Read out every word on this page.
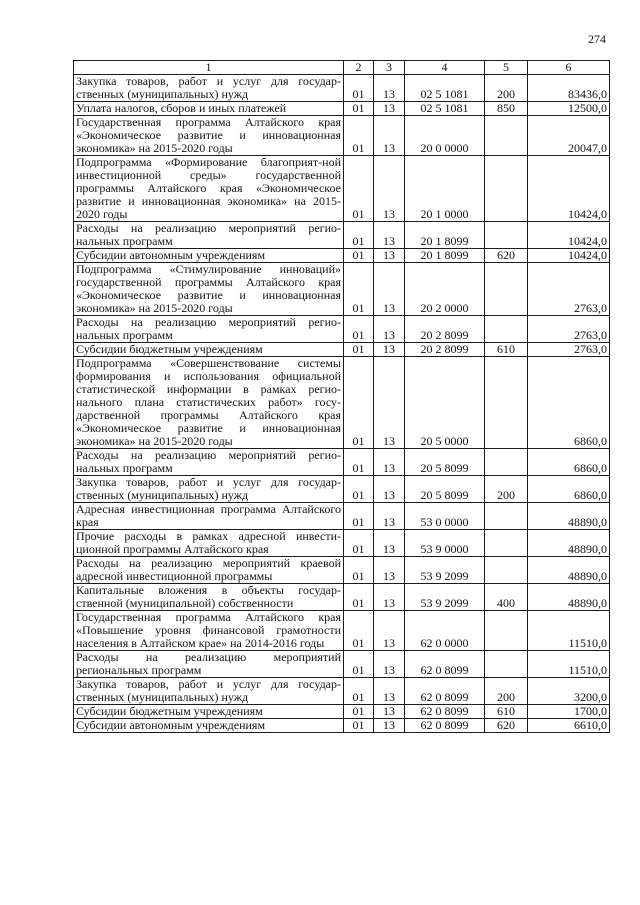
274
1	2	3	4	5	6
Закупка товаров, работ и услуг для государ-ственных (муниципальных) нужд	01	13	02 5 1081	200	83436,0
Уплата налогов, сборов и иных платежей	01	13	02 5 1081	850	12500,0
Государственная программа Алтайского края «Экономическое развитие и инновационная экономика» на 2015-2020 годы	01	13	20 0 0000		20047,0
Подпрограмма «Формирование благоприят-ной инвестиционной среды» государственной программы Алтайского края «Экономическое развитие и инновационная экономика» на 2015-2020 годы	01	13	20 1 0000		10424,0
Расходы на реализацию мероприятий регио-нальных программ	01	13	20 1 8099		10424,0
Субсидии автономным учреждениям	01	13	20 1 8099	620	10424,0
Подпрограмма «Стимулирование инноваций» государственной программы Алтайского края «Экономическое развитие и инновационная экономика» на 2015-2020 годы	01	13	20 2 0000		2763,0
Расходы на реализацию мероприятий регио-нальных программ	01	13	20 2 8099		2763,0
Субсидии бюджетным учреждениям	01	13	20 2 8099	610	2763,0
Подпрограмма «Совершенствование системы формирования и использования официальной статистической информации в рамках регио-нального плана статистических работ» госу-дарственной программы Алтайского края «Экономическое развитие и инновационная экономика» на 2015-2020 годы	01	13	20 5 0000		6860,0
Расходы на реализацию мероприятий регио-нальных программ	01	13	20 5 8099		6860,0
Закупка товаров, работ и услуг для государ-ственных (муниципальных) нужд	01	13	20 5 8099	200	6860,0
Адресная инвестиционная программа Алтайского края	01	13	53 0 0000		48890,0
Прочие расходы в рамках адресной инвести-ционной программы Алтайского края	01	13	53 9 0000		48890,0
Расходы на реализацию мероприятий краевой адресной инвестиционной программы	01	13	53 9 2099		48890,0
Капитальные вложения в объекты государ-ственной (муниципальной) собственности	01	13	53 9 2099	400	48890,0
Государственная программа Алтайского края «Повышение уровня финансовой грамотности населения в Алтайском крае» на 2014-2016 годы	01	13	62 0 0000		11510,0
Расходы на реализацию мероприятий региональных программ	01	13	62 0 8099		11510,0
Закупка товаров, работ и услуг для государ-ственных (муниципальных) нужд	01	13	62 0 8099	200	3200,0
Субсидии бюджетным учреждениям	01	13	62 0 8099	610	1700,0
Субсидии автономным учреждениям	01	13	62 0 8099	620	6610,0
